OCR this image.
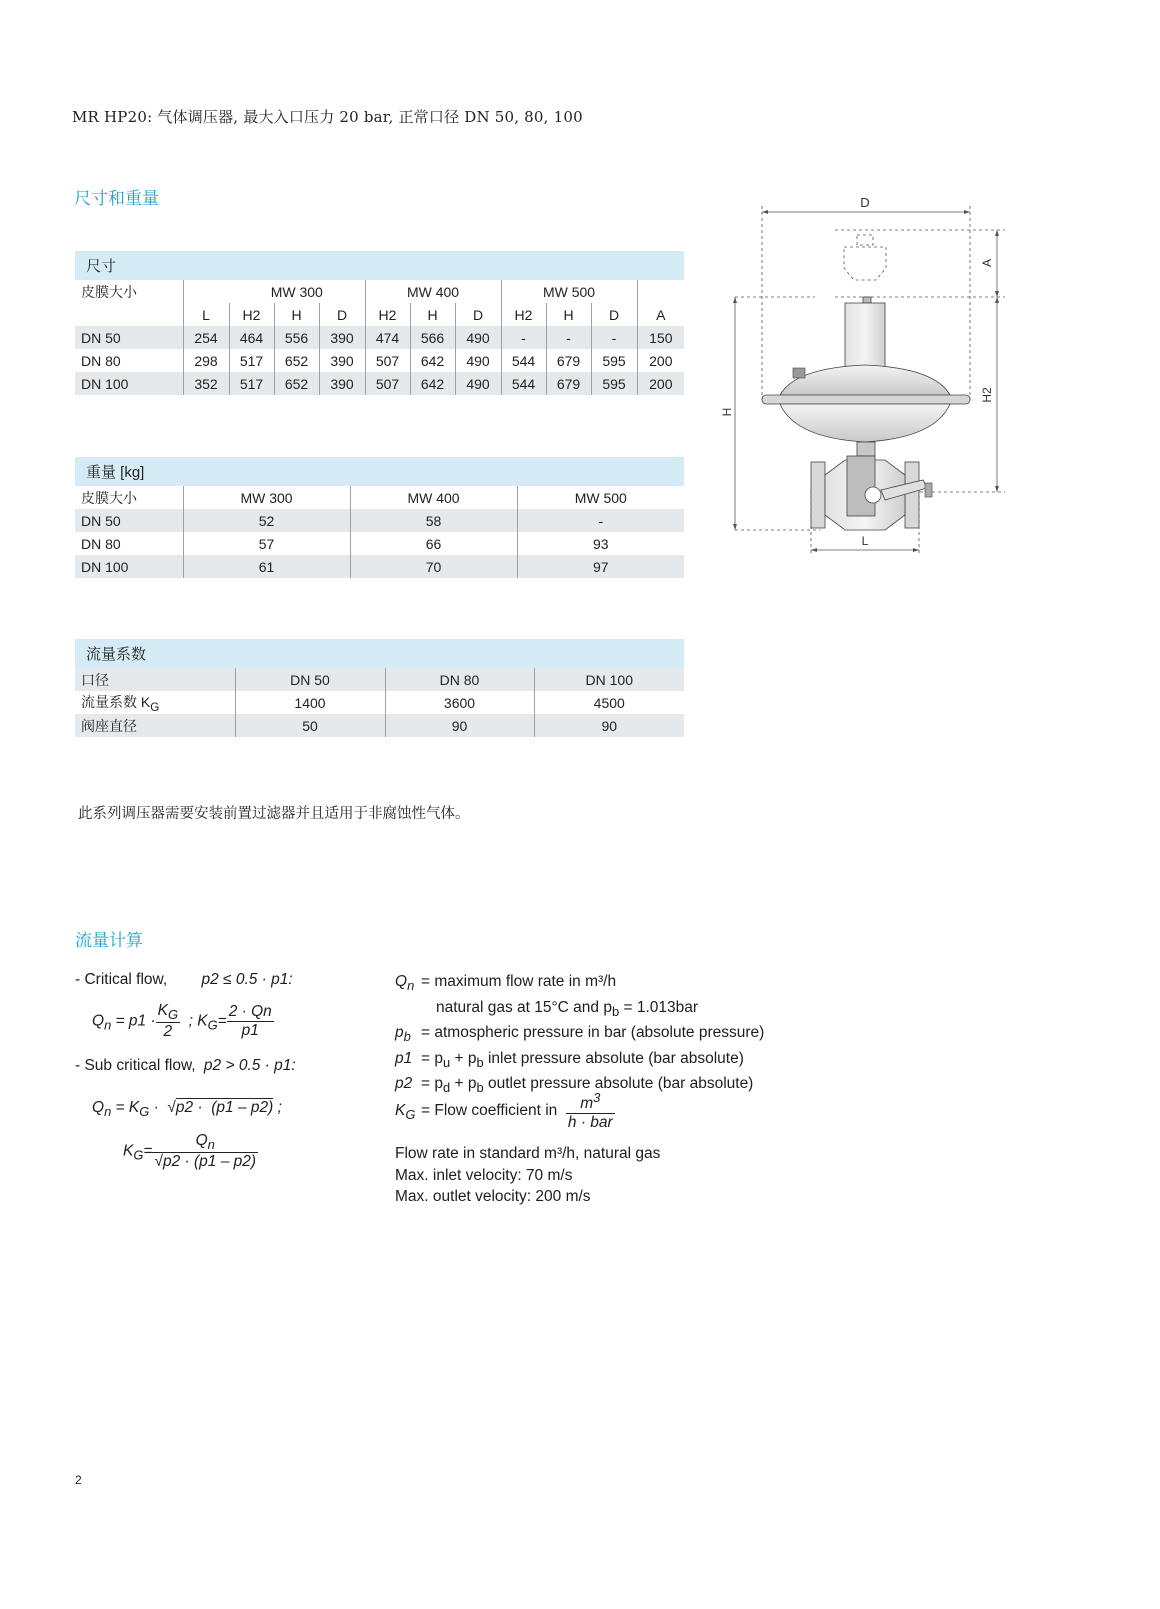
MR HP20: 气体调压器, 最大入口压力 20 bar, 正常口径 DN 50, 80, 100
尺寸和重量
尺寸											
皮膜大小		MW 300			MW 400			MW 500			
	L	H2	H	D	H2	H	D	H2	H	D	A
DN 50	254	464	556	390	474	566	490	-	-	-	150
DN 80	298	517	652	390	507	642	490	544	679	595	200
DN 100	352	517	652	390	507	642	490	544	679	595	200
重量 [kg]			
皮膜大小	MW 300	MW 400	MW 500
DN 50	52	58	-
DN 80	57	66	93
DN 100	61	70	97
流量系数			
口径	DN 50	DN 80	DN 100
流量系数 $K_G$	1400	3600	4500
阀座直径	50	90	90
此系列调压器需要安装前置过滤器并且适用于非腐蚀性气体。
流量计算
- Critical flow, p2 ≤ 0.5 · p1:
$Q_n = p1 \cdot \frac{K_G}{2}$ ; $K_G= \frac{2 \cdot Qn}{p1}$
- Sub critical flow, p2 > 0.5 · p1:
$Q_n = K_G \cdot √p2 \cdot (p1 - p2)$ ;
$K_G= \frac{Q_n}{√p2 \cdot (p1 - p2)}$
$Q_n$ = maximum flow rate in m³/h
natural gas at 15°C and $p_b = 1.013bar$
$p_b$ = atmospheric pressure in bar (absolute pressure)
$p1 = p_u + p_b$ inlet pressure absolute (bar absolute)
$p2 = p_d + p_b$ outlet pressure absolute (bar absolute)
$K_G$ = Flow coefficient in $\frac{m^3}{\text{h · bar}}$
Flow rate in standard m³/h, natural gas
Max. inlet velocity: 70 m/s
Max. outlet velocity: 200 m/s
D
A
H2
H
L
2
